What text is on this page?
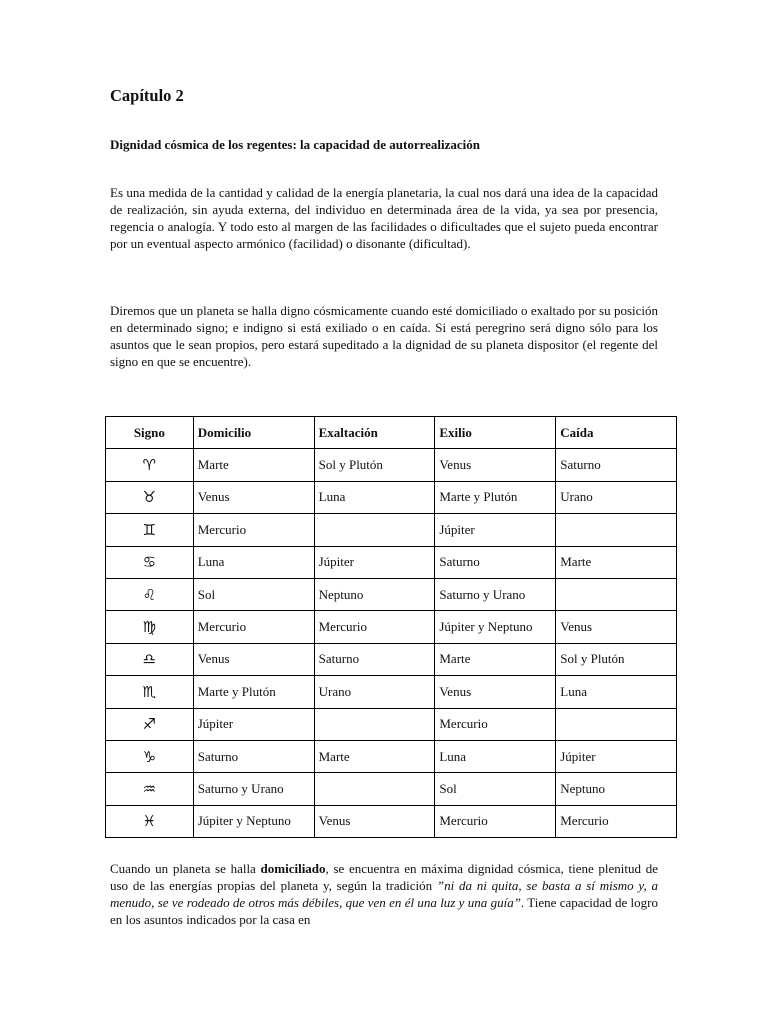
Capítulo 2
Dignidad cósmica de los regentes: la capacidad de autorrealización

Es una medida de la cantidad y calidad de la energía planetaria, la cual nos dará una idea de la capacidad de realización, sin ayuda externa, del individuo en determinada área de la vida, ya sea por presencia, regencia o analogía. Y todo esto al margen de las facilidades o dificultades que el sujeto pueda encontrar por un eventual aspecto armónico (facilidad) o disonante (dificultad).

Diremos que un planeta se halla digno cósmicamente cuando esté domiciliado o exaltado por su posición en determinado signo; e indigno si está exiliado o en caída. Si está peregrino será digno sólo para los asuntos que le sean propios, pero estará supeditado a la dignidad de su planeta dispositor (el regente del signo en que se encuentre).

Signo	Domicilio	Exaltación	Exilio	Caída
♈	Marte	Sol y Plutón	Venus	Saturno
♉	Venus	Luna	Marte y Plutón	Urano
♊	Mercurio		Júpiter	
♋	Luna	Júpiter	Saturno	Marte
♌	Sol	Neptuno	Saturno y Urano	
♍	Mercurio	Mercurio	Júpiter y Neptuno	Venus
♎	Venus	Saturno	Marte	Sol y Plutón
♏	Marte y Plutón	Urano	Venus	Luna
♐	Júpiter		Mercurio	
♑	Saturno	Marte	Luna	Júpiter
♒	Saturno y Urano		Sol	Neptuno
♓	Júpiter y Neptuno	Venus	Mercurio	Mercurio

Cuando un planeta se halla domiciliado, se encuentra en máxima dignidad cósmica, tiene plenitud de uso de las energías propias del planeta y, según la tradición ”ni da ni quita, se basta a sí mismo y, a menudo, se ve rodeado de otros más débiles, que ven en él una luz y una guía”. Tiene capacidad de logro en los asuntos indicados por la casa en
